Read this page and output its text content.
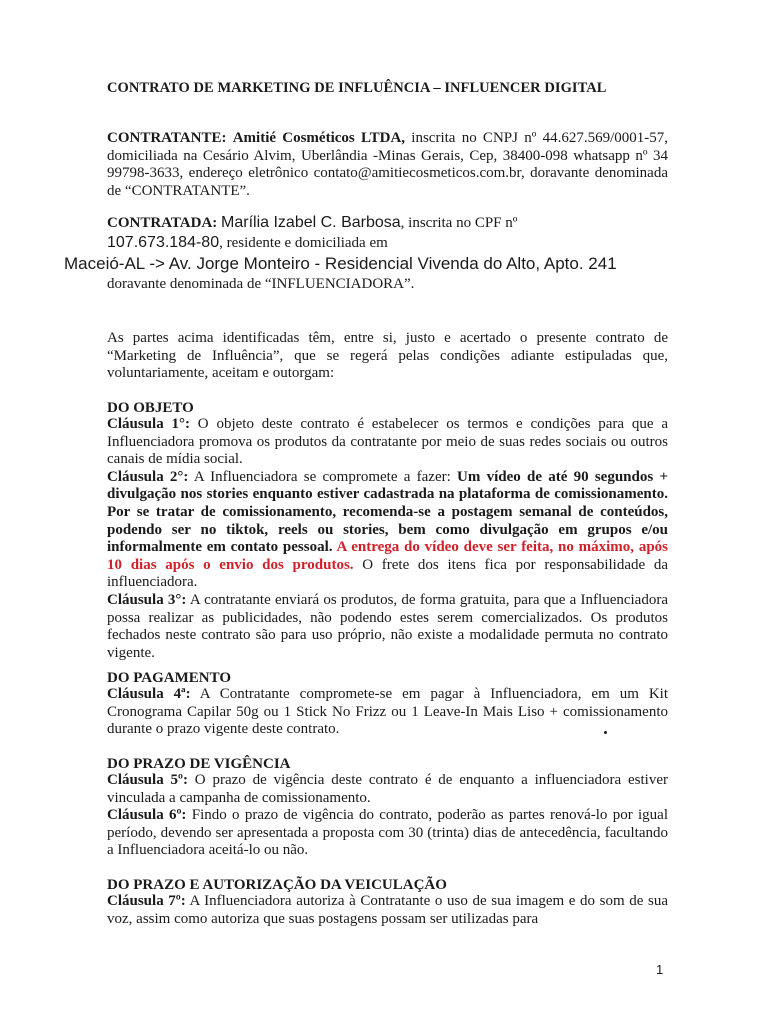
CONTRATO DE MARKETING DE INFLUÊNCIA – INFLUENCER DIGITAL
CONTRATANTE: Amitié Cosméticos LTDA, inscrita no CNPJ nº 44.627.569/0001-57, domiciliada na Cesário Alvim, Uberlândia -Minas Gerais, Cep, 38400-098 whatsapp nº 34 99798-3633, endereço eletrônico contato@amitiecosmeticos.com.br, doravante denominada de “CONTRATANTE”.
CONTRATADA: Marília Izabel C. Barbosa, inscrita no CPF nº
107.673.184-80, residente e domiciliada em
Maceió-AL -> Av. Jorge Monteiro - Residencial Vivenda do Alto, Apto. 241
doravante denominada de “INFLUENCIADORA”.
As partes acima identificadas têm, entre si, justo e acertado o presente contrato de “Marketing de Influência”, que se regerá pelas condições adiante estipuladas que, voluntariamente, aceitam e outorgam:
DO OBJETO
Cláusula 1°: O objeto deste contrato é estabelecer os termos e condições para que a Influenciadora promova os produtos da contratante por meio de suas redes sociais ou outros canais de mídia social.
Cláusula 2°: A Influenciadora se compromete a fazer: Um vídeo de até 90 segundos + divulgação nos stories enquanto estiver cadastrada na plataforma de comissionamento. Por se tratar de comissionamento, recomenda-se a postagem semanal de conteúdos, podendo ser no tiktok, reels ou stories, bem como divulgação em grupos e/ou informalmente em contato pessoal. A entrega do vídeo deve ser feita, no máximo, após 10 dias após o envio dos produtos. O frete dos itens fica por responsabilidade da influenciadora.
Cláusula 3°: A contratante enviará os produtos, de forma gratuita, para que a Influenciadora possa realizar as publicidades, não podendo estes serem comercializados. Os produtos fechados neste contrato são para uso próprio, não existe a modalidade permuta no contrato vigente.
DO PAGAMENTO
Cláusula 4ª: A Contratante compromete-se em pagar à Influenciadora, em um Kit Cronograma Capilar 50g ou 1 Stick No Frizz ou 1 Leave-In Mais Liso + comissionamento durante o prazo vigente deste contrato.
DO PRAZO DE VIGÊNCIA
Cláusula 5º: O prazo de vigência deste contrato é de enquanto a influenciadora estiver vinculada a campanha de comissionamento.
Cláusula 6º: Findo o prazo de vigência do contrato, poderão as partes renová-lo por igual período, devendo ser apresentada a proposta com 30 (trinta) dias de antecedência, facultando a Influenciadora aceitá-lo ou não.
DO PRAZO E AUTORIZAÇÃO DA VEICULAÇÃO
Cláusula 7º: A Influenciadora autoriza à Contratante o uso de sua imagem e do som de sua voz, assim como autoriza que suas postagens possam ser utilizadas para
1
